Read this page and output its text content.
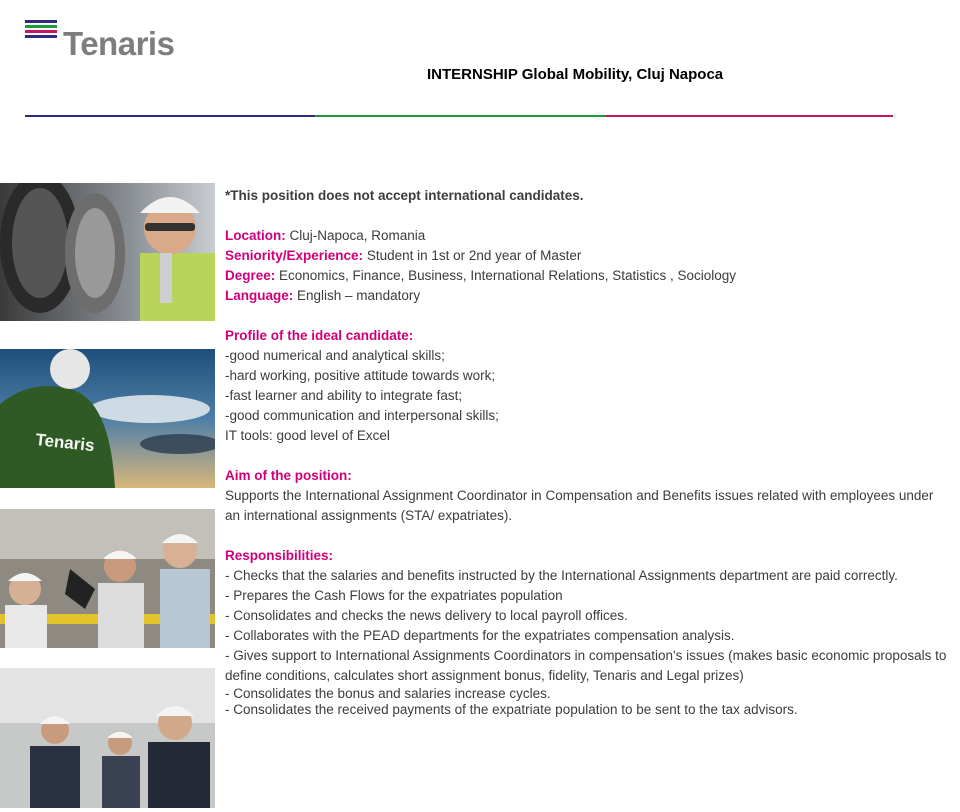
Tenaris
INTERNSHIP Global Mobility, Cluj Napoca
Tenaris

*This position does not accept international candidates.

Location: Cluj-Napoca, Romania

Seniority/Experience: Student in 1st or 2nd year of Master

Degree: Economics, Finance, Business, International Relations, Statistics , Sociology

Language: English – mandatory

Profile of the ideal candidate:

-good numerical and analytical skills;

-hard working, positive attitude towards work;

-fast learner and ability to integrate fast;

-good communication and interpersonal skills;

IT tools: good level of Excel

Aim of the position:

Supports the International Assignment Coordinator in Compensation and Benefits issues related with employees under an international assignments (STA/ expatriates).

Responsibilities:

- Checks that the salaries and benefits instructed by the International Assignments department are paid correctly.

- Prepares the Cash Flows for the expatriates population

- Consolidates and checks the news delivery to local payroll offices.

- Collaborates with the PEAD departments for the expatriates compensation analysis.

- Gives support to International Assignments Coordinators in compensation's issues (makes basic economic proposals to define conditions, calculates short assignment bonus, fidelity, Tenaris and Legal prizes)

- Consolidates the bonus and salaries increase cycles.

- Consolidates the received payments of the expatriate population to be sent to the tax advisors.
